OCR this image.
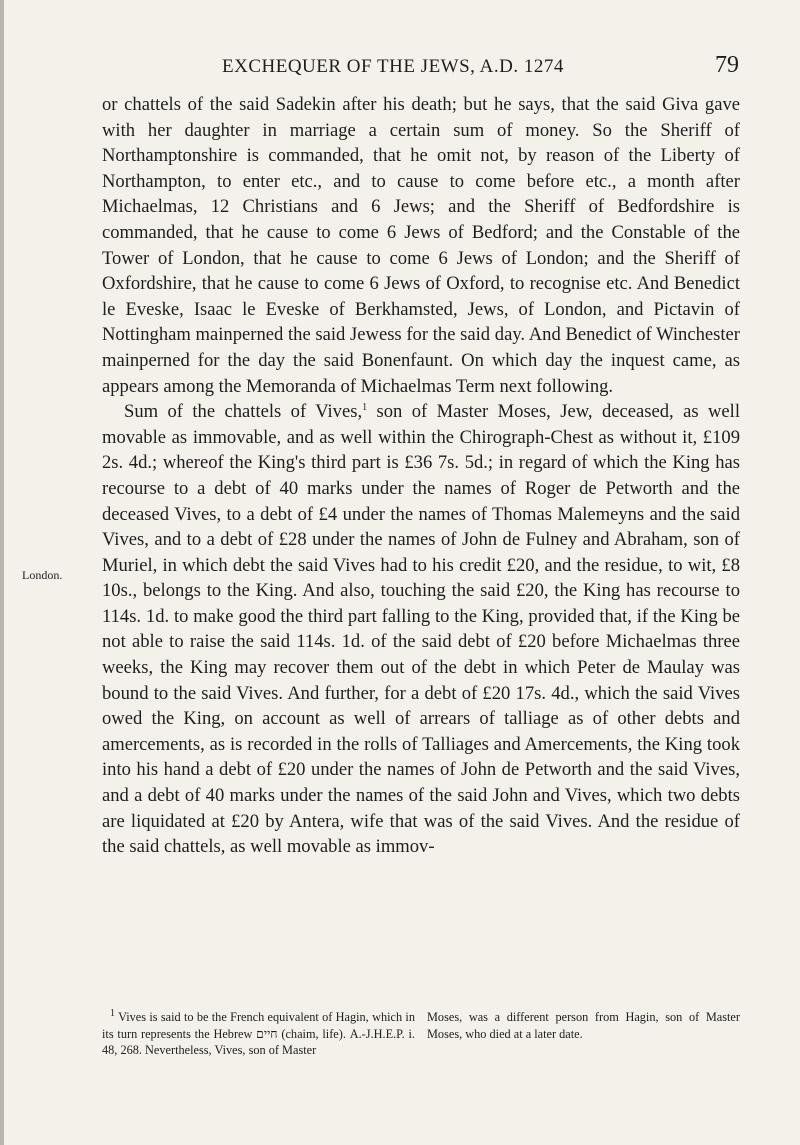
EXCHEQUER OF THE JEWS, A.D. 1274	79
London.

or chattels of the said Sadekin after his death; but he says, that the said Giva gave with her daughter in marriage a certain sum of money. So the Sheriff of Northamptonshire is commanded, that he omit not, by reason of the Liberty of Northampton, to enter etc., and to cause to come before etc., a month after Michaelmas, 12 Christians and 6 Jews; and the Sheriff of Bedfordshire is commanded, that he cause to come 6 Jews of Bedford; and the Constable of the Tower of London, that he cause to come 6 Jews of London; and the Sheriff of Oxfordshire, that he cause to come 6 Jews of Oxford, to recognise etc. And Benedict le Eveske, Isaac le Eveske of Berkhamsted, Jews, of London, and Pictavin of Nottingham mainperned the said Jewess for the said day. And Benedict of Winchester mainperned for the day the said Bonenfaunt. On which day the inquest came, as appears among the Memoranda of Michaelmas Term next following.

Sum of the chattels of Vives,$^1$ son of Master Moses, Jew, deceased, as well movable as immovable, and as well within the Chirograph-Chest as without it, £109 2s. 4d.; whereof the King's third part is £36 7s. 5d.; in regard of which the King has recourse to a debt of 40 marks under the names of Roger de Petworth and the deceased Vives, to a debt of £4 under the names of Thomas Malemeyns and the said Vives, and to a debt of £28 under the names of John de Fulney and Abraham, son of Muriel, in which debt the said Vives had to his credit £20, and the residue, to wit, £8 10s., belongs to the King. And also, touching the said £20, the King has recourse to 114s. 1d. to make good the third part falling to the King, provided that, if the King be not able to raise the said 114s. 1d. of the said debt of £20 before Michaelmas three weeks, the King may recover them out of the debt in which Peter de Maulay was bound to the said Vives. And further, for a debt of £20 17s. 4d., which the said Vives owed the King, on account as well of arrears of talliage as of other debts and amercements, as is recorded in the rolls of Talliages and Amercements, the King took into his hand a debt of £20 under the names of John de Petworth and the said Vives, and a debt of 40 marks under the names of the said John and Vives, which two debts are liquidated at £20 by Antera, wife that was of the said Vives. And the residue of the said chattels, as well movable as immov-

$^1$ Vives is said to be the French equivalent of Hagin, which in its turn represents the Hebrew חיים (chaim, life). A.-J.H.E.P. i. 48, 268. Nevertheless, Vives, son of Master
Moses, was a different person from Hagin, son of Master Moses, who died at a later date.
